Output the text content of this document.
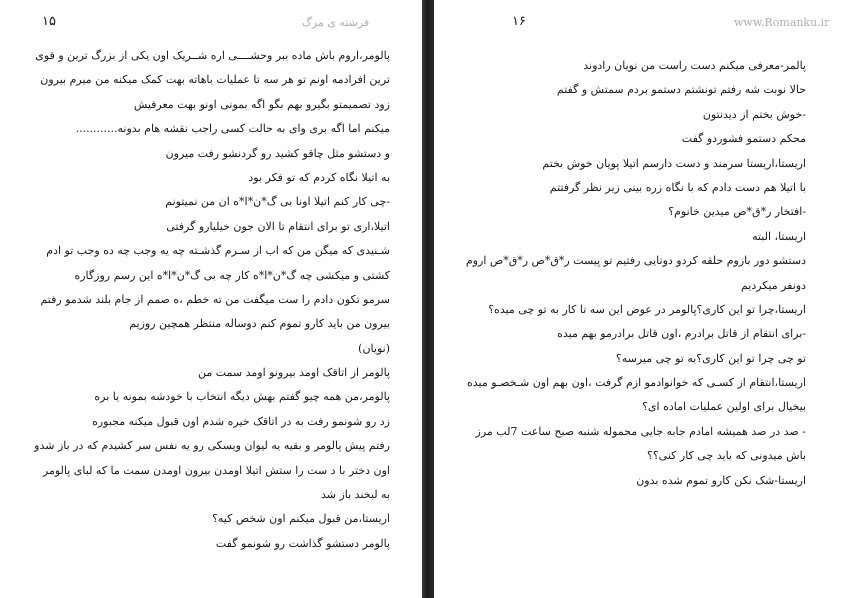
۱۵	فرشته ی مرگ
پالومر،اروم باش ماده ببر وحشــــی اره شــریک اون یکی از بزرگ ترین و قوی
ترین افرادمه اونم تو هر سه تا عملیات باهاته بهت کمک میکنه من میرم بیرون
زود تصمیمتو بگیرو بهم بگو اگه بمونی اونو بهت معرفیش
میکنم اما اگه بری وای به حالت کسی راجب نقشه هام بدونه............
و دستشو مثل چاقو کشید رو گردنشو رفت میرون
به اتیلا نگاه کردم که تو فکر بود
-چی کار کنم اتیلا اونا بی گ*ن*ا*ه ان من نمیتونم
اتیلا،اری تو برای انتقام تا الان جون خیلیارو گرفتی
شـنیدی که میگن من که اب از سـرم گذشـته چه یه وجب چه ده وجب تو ادم
کشتی و میکشی چه گ*ن*ا*ه کار چه بی گ*ن*ا*ه این رسم روزگاره
سرمو تکون دادم را ست میگفت من ته خطم ،ه صمم از جام بلند شدمو رفتم
بیرون من باید کارو تموم کنم دوساله منتظر همچین روزیم
(نویان)
پالومر از اتاقک اومد بیرونو اومد سمت من
پالومر،من همه چیو گفتم بهش دیگه انتخاب با خودشه بمونه یا بره
زد رو شونمو رفت به در اتاقک خیره شدم اون قبول میکنه مجبوره
رفتم پیش پالومر و بقیه یه لیوان ویسکی رو یه نفس سر کشیدم که در باز شدو
اون دختر با د ست را ستش اتیلا اومدن بیرون اومدن سمت ما که لبای پالومر
به لبخند باز شد
اریستا،من قبول میکنم اون شخص کیه؟
پالومر دستشو گذاشت رو شونمو گفت
۱۶	www.Romanku.ir
پالمر-معرفی میکنم دست راست من نویان رادوند
حالا نوبت شه رفتم تونشتم دستمو بردم سمتش و گفتم
-خوش بختم از دیدنتون
محکم دستمو فشوردو گفت
اریستا،اریستا سرمند و دست دارسم اتیلا پویان خوش بختم
با اتیلا هم دست دادم که با نگاه زره بینی زیر نظر گرفتتم
-افتخار ر*ق*ص میدین خانوم؟
اریستا، البته
دستشو دور بازوم حلقه کردو دوتایی رفتیم تو پیست ر*ق*ص ر*ق*ص اروم
دونفر میکردیم
اریستا،چرا تو این کاری؟پالومر در عوض این سه تا کار به تو چی میده؟
-برای انتقام از قاتل برادرم ،اون قاتل برادرمو بهم میده
تو چی چرا تو این کاری؟به تو چی میرسه؟
اریستا،انتقام از کسـی که خوانوادمو ازم گرفت ،اون بهم اون شـخصـو میده
بیخیال برای اولین عملیات اماده ای؟
- صد در صد همیشه امادم جابه جایی محموله شنبه صبح ساعت 7لب مرز
باش میدونی که باید چی کار کنی؟؟
اریستا-شک نکن کارو تموم شده بدون
